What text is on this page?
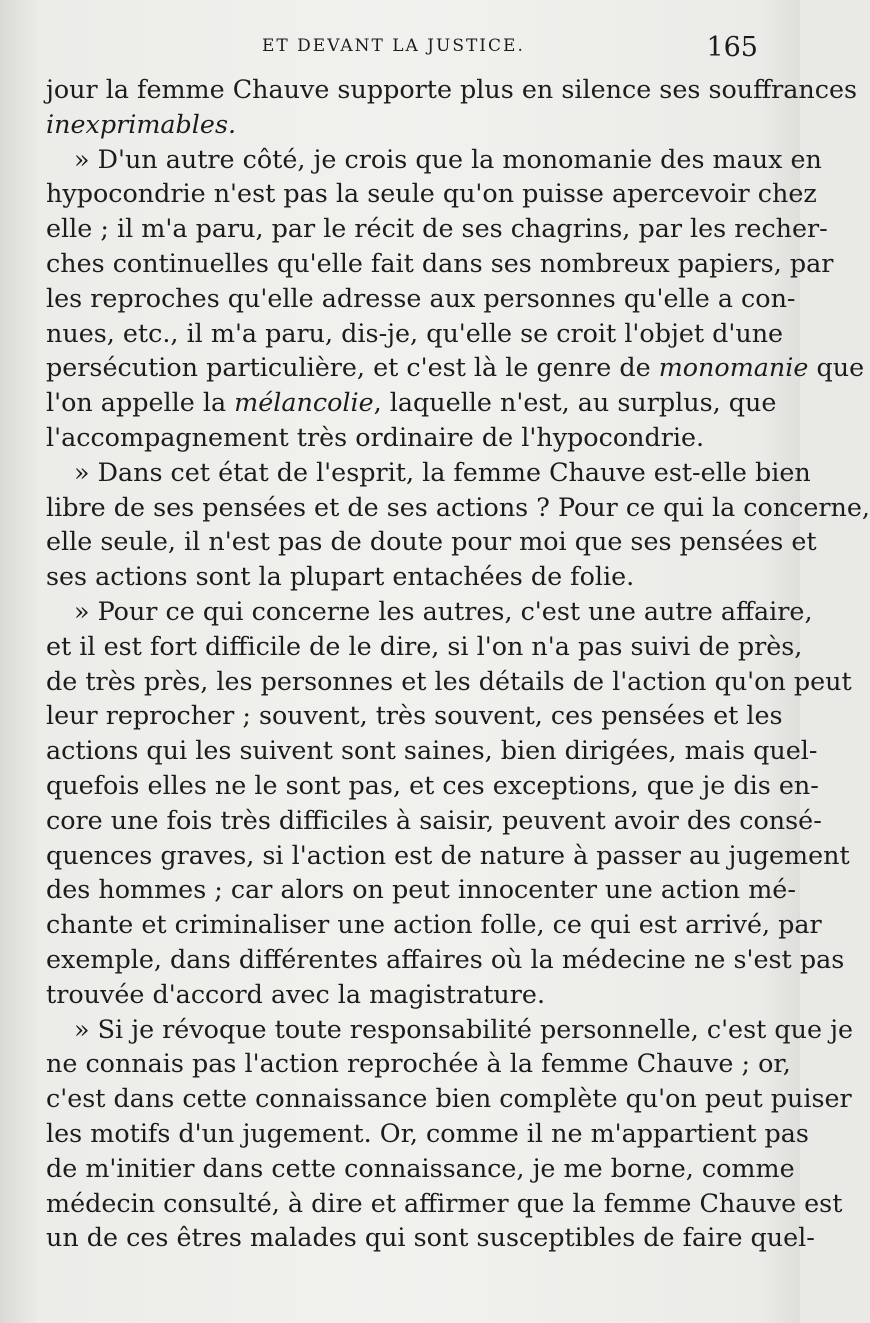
ET DEVANT LA JUSTICE.	165

jour la femme Chauve supporte plus en silence ses souffrances
inexprimables.

» D'un autre côté, je crois que la monomanie des maux en
hypocondrie n'est pas la seule qu'on puisse apercevoir chez
elle ; il m'a paru, par le récit de ses chagrins, par les recher-
ches continuelles qu'elle fait dans ses nombreux papiers, par
les reproches qu'elle adresse aux personnes qu'elle a con-
nues, etc., il m'a paru, dis-je, qu'elle se croit l'objet d'une
persécution particulière, et c'est là le genre de monomanie que
l'on appelle la mélancolie, laquelle n'est, au surplus, que
l'accompagnement très ordinaire de l'hypocondrie.

» Dans cet état de l'esprit, la femme Chauve est-elle bien
libre de ses pensées et de ses actions ? Pour ce qui la concerne,
elle seule, il n'est pas de doute pour moi que ses pensées et
ses actions sont la plupart entachées de folie.

» Pour ce qui concerne les autres, c'est une autre affaire,
et il est fort difficile de le dire, si l'on n'a pas suivi de près,
de très près, les personnes et les détails de l'action qu'on peut
leur reprocher ; souvent, très souvent, ces pensées et les
actions qui les suivent sont saines, bien dirigées, mais quel-
quefois elles ne le sont pas, et ces exceptions, que je dis en-
core une fois très difficiles à saisir, peuvent avoir des consé-
quences graves, si l'action est de nature à passer au jugement
des hommes ; car alors on peut innocenter une action mé-
chante et criminaliser une action folle, ce qui est arrivé, par
exemple, dans différentes affaires où la médecine ne s'est pas
trouvée d'accord avec la magistrature.

» Si je révoque toute responsabilité personnelle, c'est que je
ne connais pas l'action reprochée à la femme Chauve ; or,
c'est dans cette connaissance bien complète qu'on peut puiser
les motifs d'un jugement. Or, comme il ne m'appartient pas
de m'initier dans cette connaissance, je me borne, comme
médecin consulté, à dire et affirmer que la femme Chauve est
un de ces êtres malades qui sont susceptibles de faire quel-
